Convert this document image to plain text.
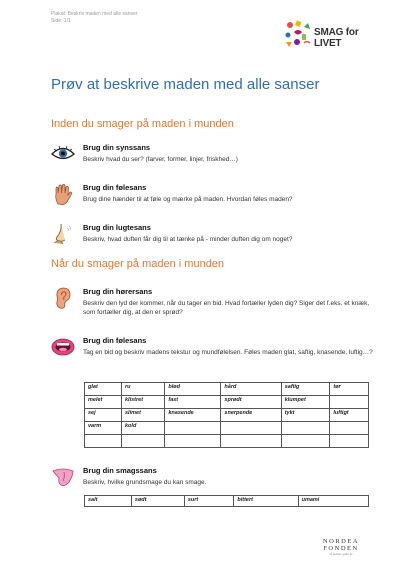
Plakat: Beskriv maden med alle sanser
Side: 1/1
SMAG for LIVET
Prøv at beskrive maden med alle sanser
Inden du smager på maden i munden
Brug din synssans
Beskriv hvad du ser? (farver, former, linjer, friskhed…)
Brug din følesans
Brug dine hænder til at føle og mærke på maden. Hvordan føles maden?
Brug din lugtesans
Beskriv, hvad duften får dig til at tænke på - minder duften dig om noget?
Når du smager på maden i munden
Brug din hørersans
Beskriv den lyd der kommer, når du tager en bid. Hvad fortæller lyden dig? Siger det f.eks. et knæk, som fortæller dig, at den er sprød?
Brug din følesans
Tag en bid og beskriv madens tekstur og mundfølelsen. Føles maden glat, saftig, knasende, luftig…?
glat	ru	blød	hård	saftig	tør
melet	klistret	fast	sprødt	klumpet	
sej	slimet	knasende	snerpende	tykt	luftigt
varm	kold				

Brug din smagssans
Beskriv, hvilke grundsmage du kan smage.
salt	sødt	surt	bittert	umami
NORDEA
FONDEN
Vi støtter gode liv
